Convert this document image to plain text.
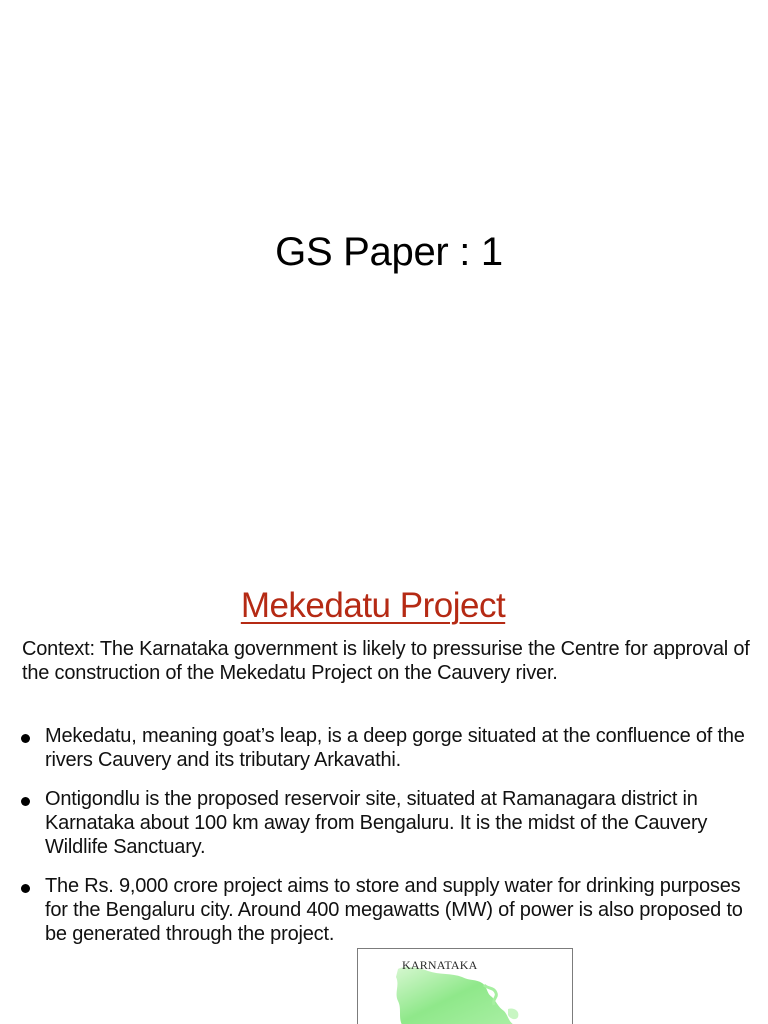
GS Paper : 1
Mekedatu Project
Context: The Karnataka government is likely to pressurise the Centre for approval of the construction of the Mekedatu Project on the Cauvery river.
Mekedatu, meaning goat’s leap, is a deep gorge situated at the confluence of the rivers Cauvery and its tributary Arkavathi.
Ontigondlu is the proposed reservoir site, situated at Ramanagara district in Karnataka about 100 km away from Bengaluru. It is the midst of the Cauvery Wildlife Sanctuary.
The Rs. 9,000 crore project aims to store and supply water for drinking purposes for the Bengaluru city. Around 400 megawatts (MW) of power is also proposed to be generated through the project.
KARNATAKA
